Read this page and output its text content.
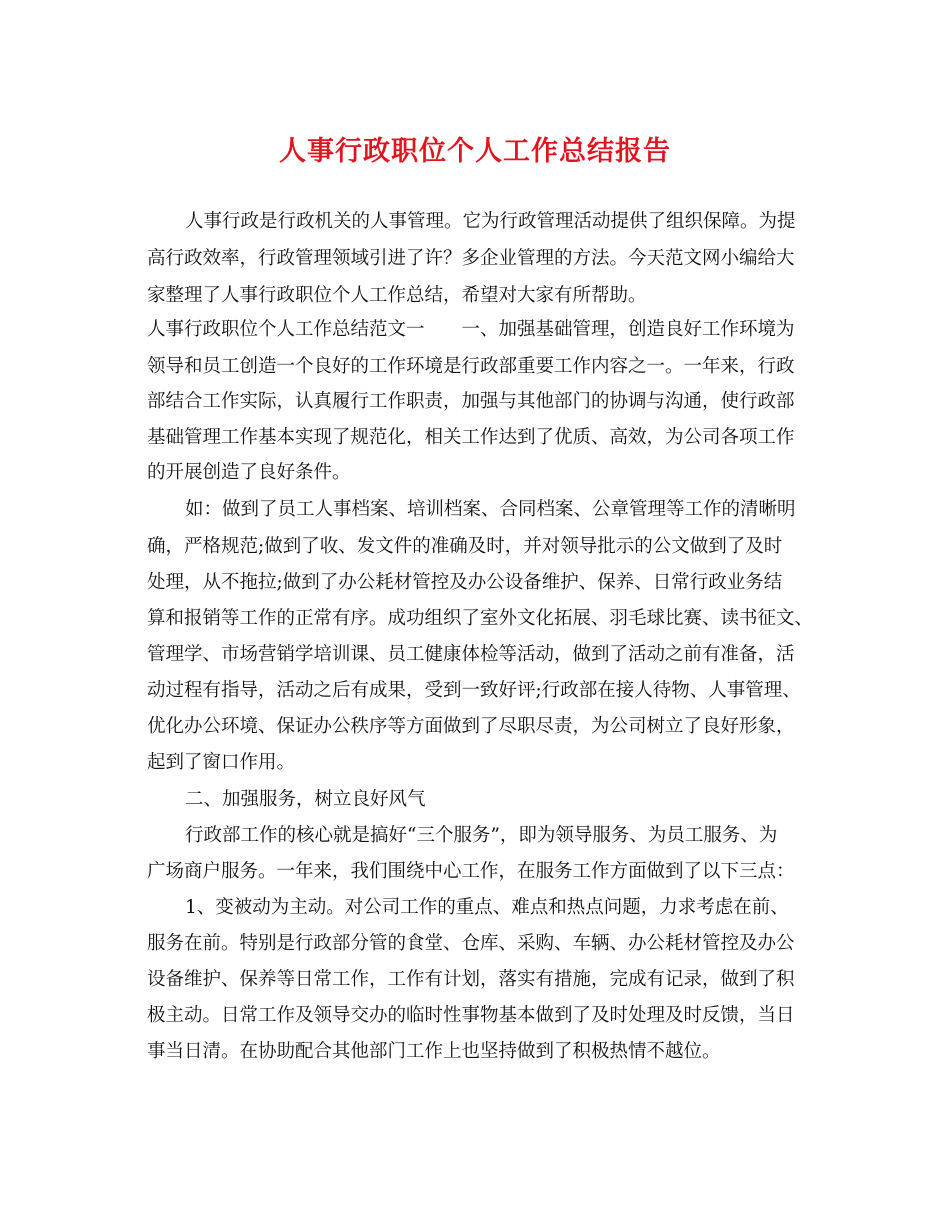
人事行政职位个人工作总结报告
人事行政是行政机关的人事管理。它为行政管理活动提供了组织保障。为提
高行政效率，行政管理领域引进了许？多企业管理的方法。今天范文网小编给大
家整理了人事行政职位个人工作总结，希望对大家有所帮助。
人事行政职位个人工作总结范文一　　一、加强基础管理，创造良好工作环境为
领导和员工创造一个良好的工作环境是行政部重要工作内容之一。一年来，行政
部结合工作实际，认真履行工作职责，加强与其他部门的协调与沟通，使行政部
基础管理工作基本实现了规范化，相关工作达到了优质、高效，为公司各项工作
的开展创造了良好条件。
如：做到了员工人事档案、培训档案、合同档案、公章管理等工作的清晰明
确，严格规范;做到了收、发文件的准确及时，并对领导批示的公文做到了及时
处理，从不拖拉;做到了办公耗材管控及办公设备维护、保养、日常行政业务结
算和报销等工作的正常有序。成功组织了室外文化拓展、羽毛球比赛、读书征文、
管理学、市场营销学培训课、员工健康体检等活动，做到了活动之前有准备，活
动过程有指导，活动之后有成果，受到一致好评;行政部在接人待物、人事管理、
优化办公环境、保证办公秩序等方面做到了尽职尽责，为公司树立了良好形象，
起到了窗口作用。
二、加强服务，树立良好风气
行政部工作的核心就是搞好“三个服务”，即为领导服务、为员工服务、为
广场商户服务。一年来，我们围绕中心工作，在服务工作方面做到了以下三点：
1、变被动为主动。对公司工作的重点、难点和热点问题，力求考虑在前、
服务在前。特别是行政部分管的食堂、仓库、采购、车辆、办公耗材管控及办公
设备维护、保养等日常工作，工作有计划，落实有措施，完成有记录，做到了积
极主动。日常工作及领导交办的临时性事物基本做到了及时处理及时反馈，当日
事当日清。在协助配合其他部门工作上也坚持做到了积极热情不越位。
